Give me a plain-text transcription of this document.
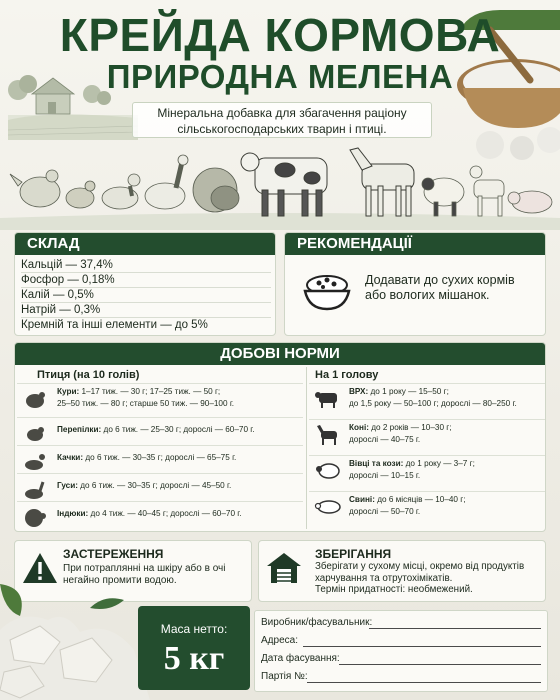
КРЕЙДА КОРМОВА
ПРИРОДНА МЕЛЕНА
Мінеральна добавка для збагачення раціону
сільськогосподарських тварин і птиці.
СКЛАД
Кальцій — 37,4%
Фосфор — 0,18%
Калій — 0,5%
Натрій — 0,3%
Кремній та інші елементи — до 5%
РЕКОМЕНДАЦІЇ
Додавати до сухих кормів
або вологих мішанок.
ДОБОВІ НОРМИ
Птиця (на 10 голів)	На 1 голову
Кури: 1–17 тиж. — 30 г; 17–25 тиж. — 50 г;
25–50 тиж. — 80 г; старше 50 тиж. — 90–100 г.
Перепілки: до 6 тиж. — 25–30 г; дорослі — 60–70 г.
Качки: до 6 тиж. — 30–35 г; дорослі — 65–75 г.
Гуси: до 6 тиж. — 30–35 г; дорослі — 45–50 г.
Індюки: до 4 тиж. — 40–45 г; дорослі — 60–70 г.
ВРХ: до 1 року — 15–50 г;
до 1,5 року — 50–100 г; дорослі — 80–250 г.
Коні: до 2 років — 10–30 г;
дорослі — 40–75 г.
Вівці та кози: до 1 року — 3–7 г;
дорослі — 10–15 г.
Свині: до 6 місяців — 10–40 г;
дорослі — 50–70 г.
ЗАСТЕРЕЖЕННЯ
При потраплянні на шкіру або в очі
негайно промити водою.
ЗБЕРІГАННЯ
Зберігати у сухому місці, окремо від продуктів
харчування та отрутохімікатів.
Термін придатності: необмежений.
Маса нетто:
5 кг
Виробник/фасувальник:
Адреса:
Дата фасування:
Партія №:
